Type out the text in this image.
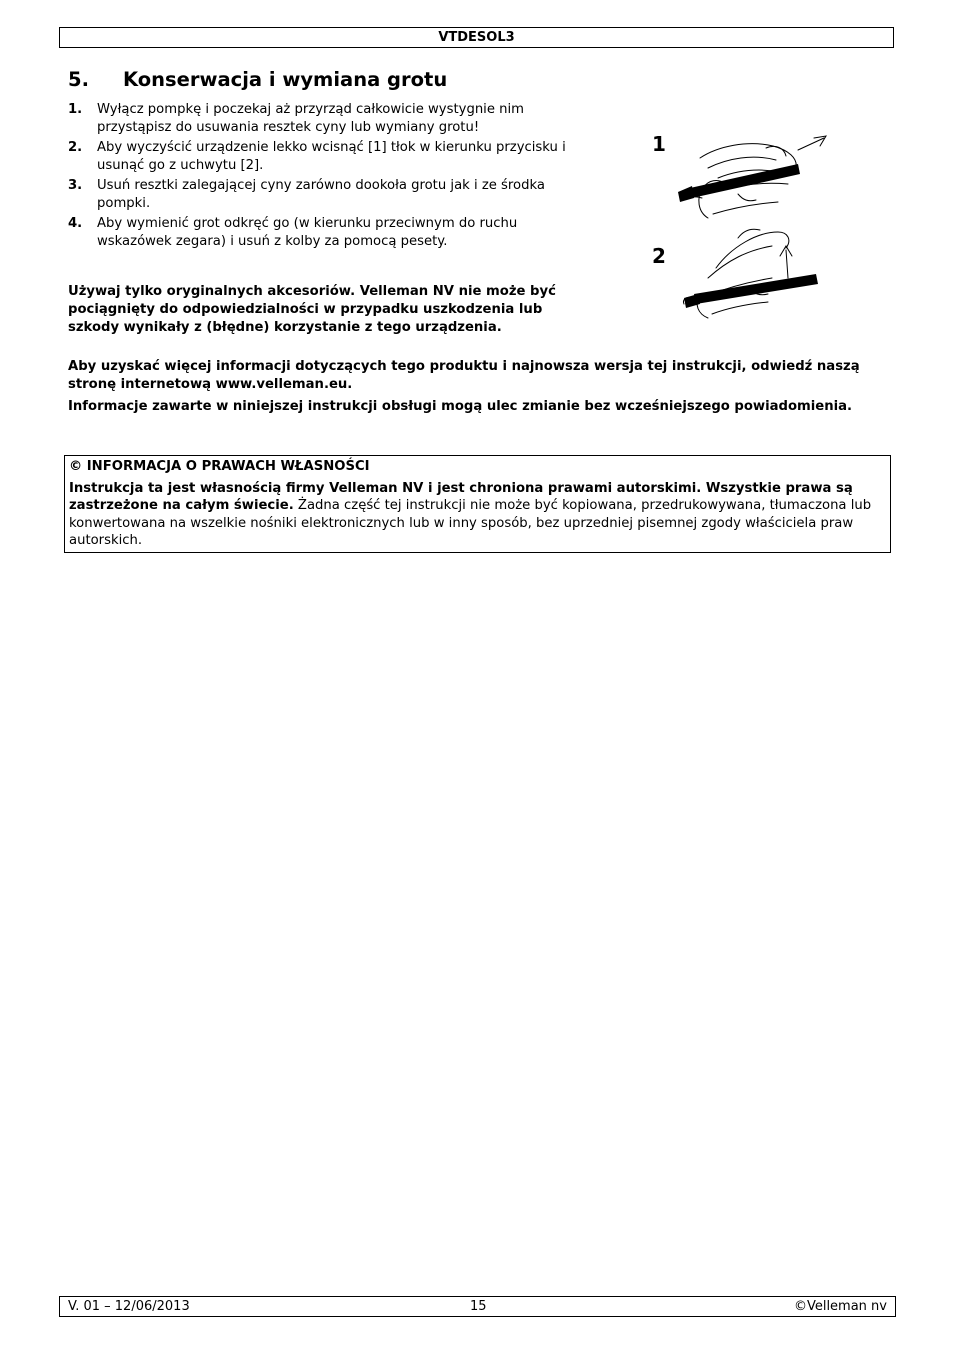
VTDESOL3
5. Konserwacja i wymiana grotu
1. Wyłącz pompkę i poczekaj aż przyrząd całkowicie wystygnie nim przystąpisz do usuwania resztek cyny lub wymiany grotu!
2. Aby wyczyścić urządzenie lekko wcisnąć [1] tłok w kierunku przycisku i usunąć go z uchwytu [2].
3. Usuń resztki zalegającej cyny zarówno dookoła grotu jak i ze środka pompki.
4. Aby wymienić grot odkręć go (w kierunku przeciwnym do ruchu wskazówek zegara) i usuń z kolby za pomocą pesety.
1
2

Używaj tylko oryginalnych akcesoriów. Velleman NV nie może być pociągnięty do odpowiedzialności w przypadku uszkodzenia lub szkody wynikały z (błędne) korzystanie z tego urządzenia.

Aby uzyskać więcej informacji dotyczących tego produktu i najnowsza wersja tej instrukcji, odwiedź naszą stronę internetową www.velleman.eu.

Informacje zawarte w niniejszej instrukcji obsługi mogą ulec zmianie bez wcześniejszego powiadomienia.

© INFORMACJA O PRAWACH WŁASNOŚCI
Instrukcja ta jest własnością firmy Velleman NV i jest chroniona prawami autorskimi. Wszystkie prawa są zastrzeżone na całym świecie. Żadna część tej instrukcji nie może być kopiowana, przedrukowywana, tłumaczona lub konwertowana na wszelkie nośniki elektronicznych lub w inny sposób, bez uprzedniej pisemnej zgody właściciela praw autorskich.
V. 01 – 12/06/2013	15	©Velleman nv
